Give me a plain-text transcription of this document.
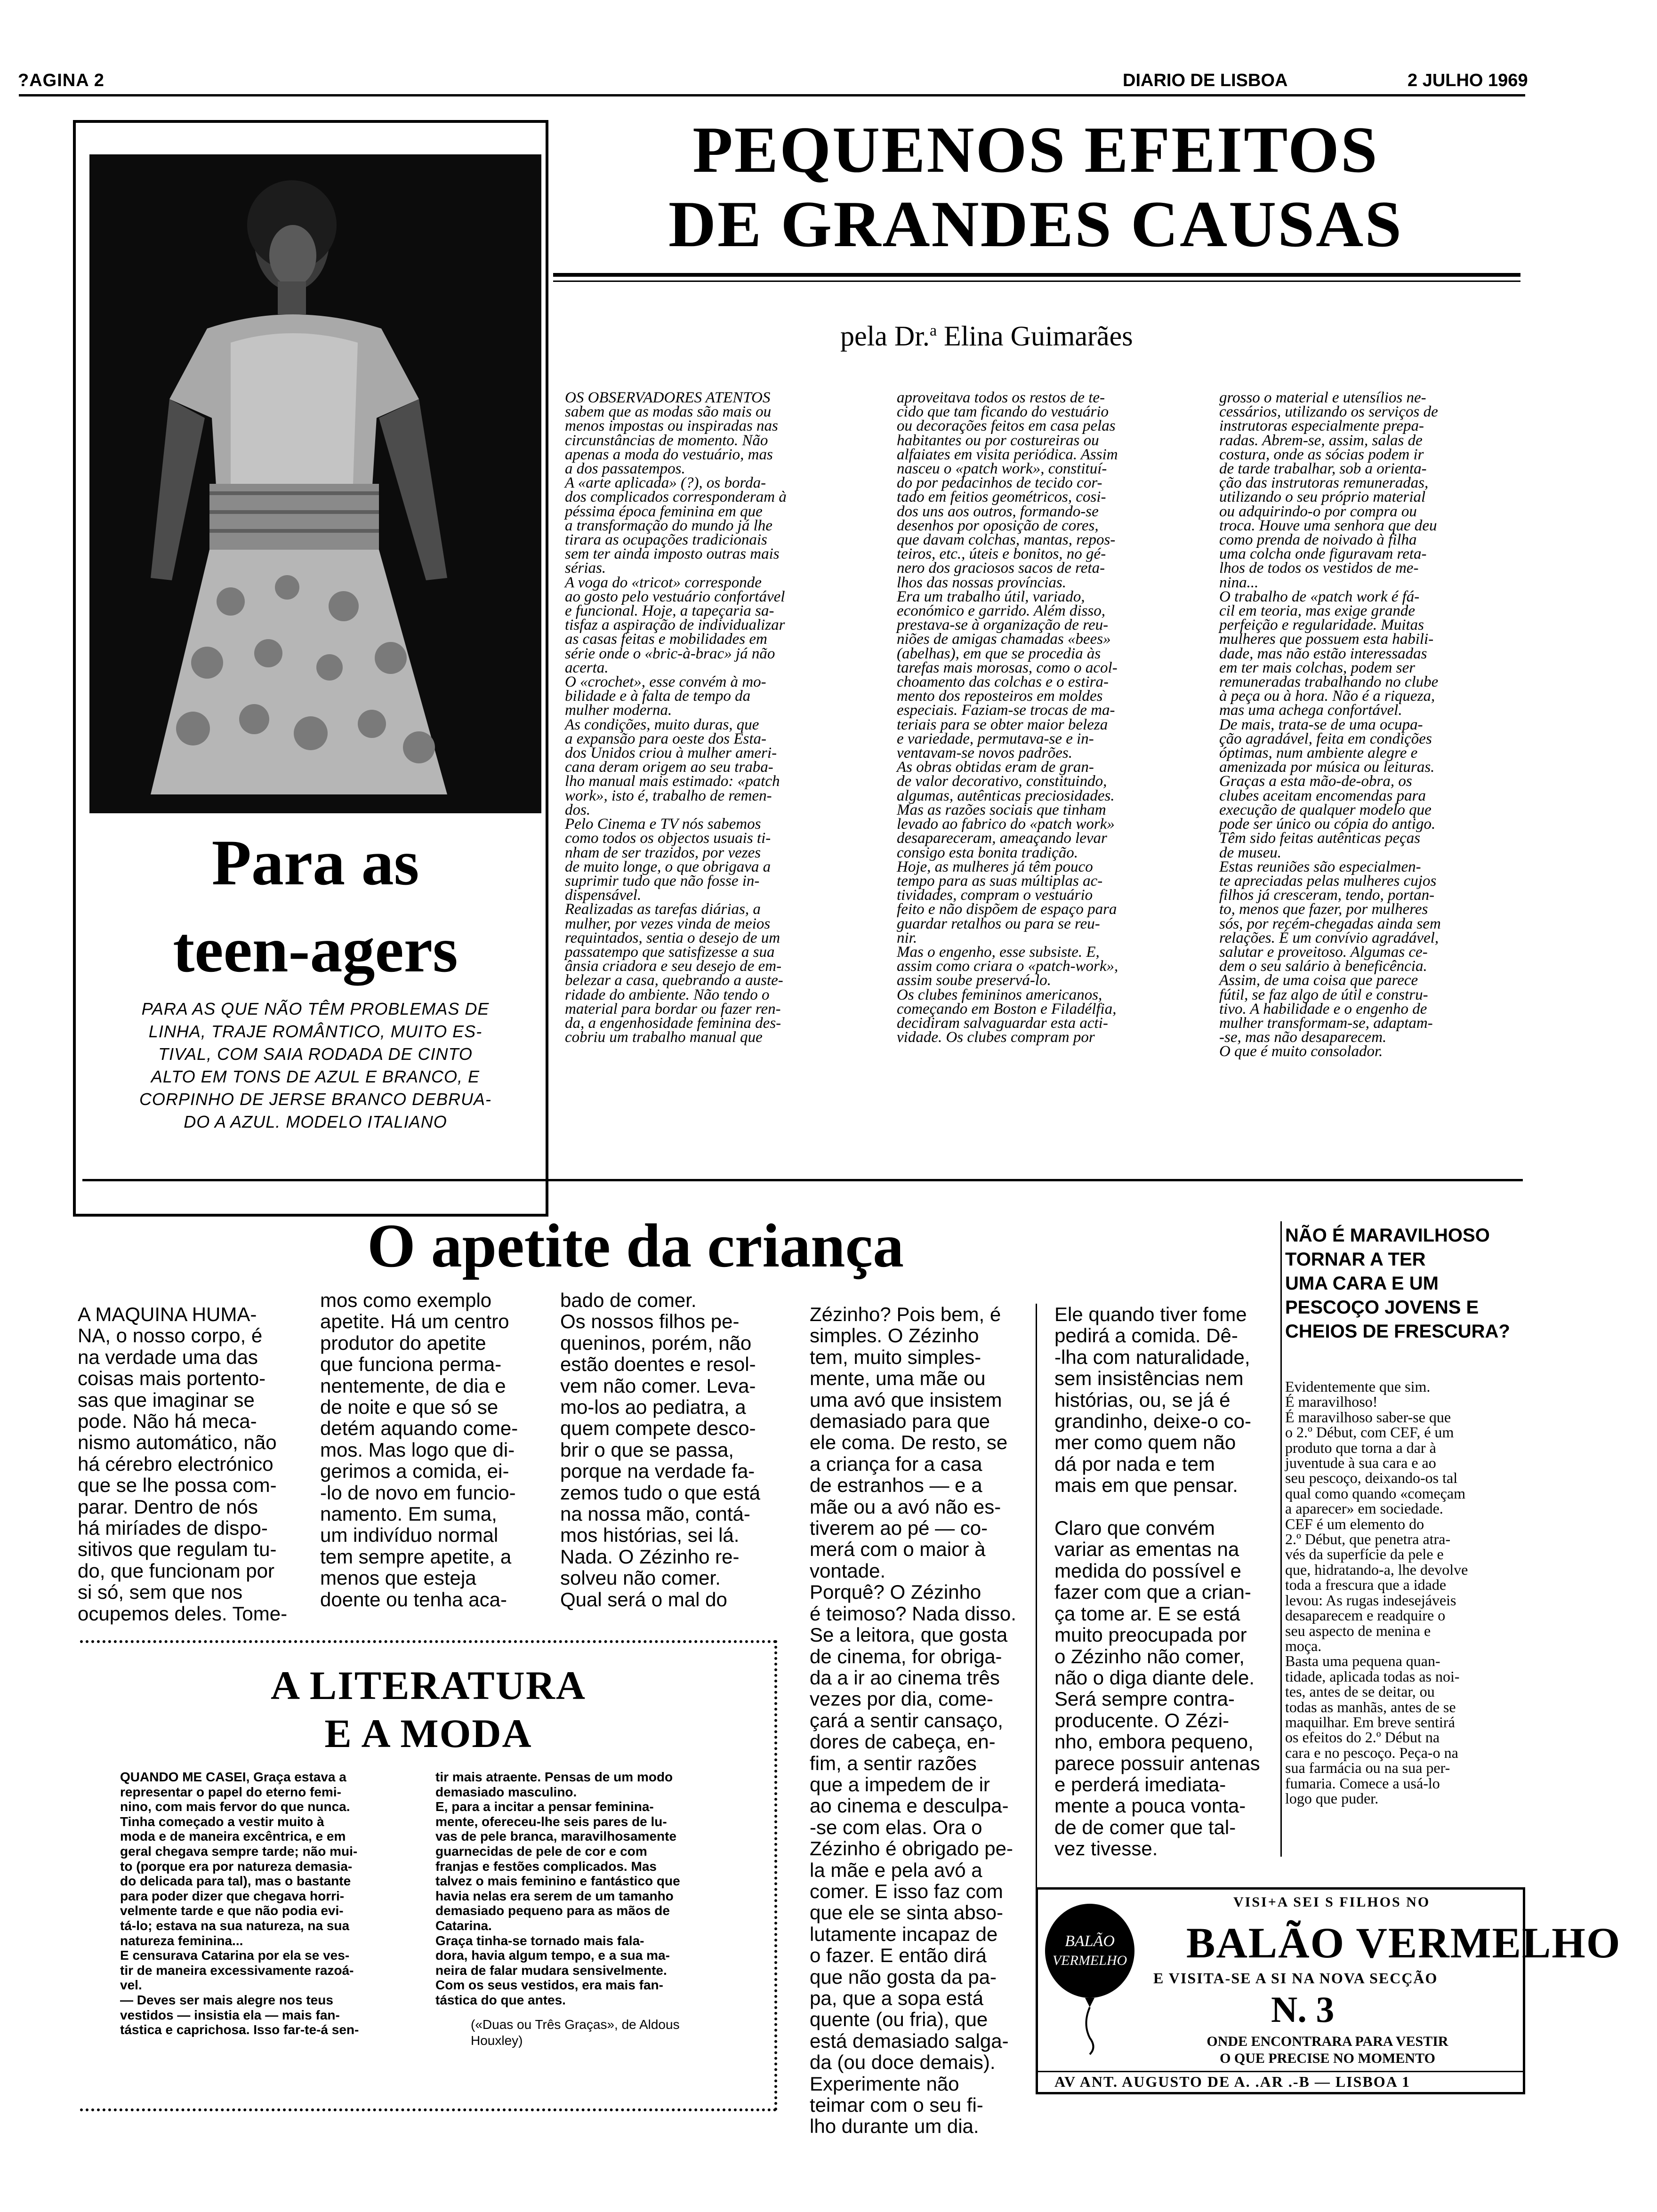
?AGINA 2	DIARIO DE LISBOA	2 JULHO 1969
Para as
teen-agers
PARA AS QUE NÃO TÊM PROBLEMAS DE
LINHA, TRAJE ROMÂNTICO, MUITO ES-
TIVAL, COM SAIA RODADA DE CINTO
ALTO EM TONS DE AZUL E BRANCO, E
CORPINHO DE JERSE BRANCO DEBRUA-
DO A AZUL. MODELO ITALIANO
PEQUENOS EFEITOS
DE GRANDES CAUSAS
pela Dr.$^a$ Elina Guimarães
OS OBSERVADORES ATENTOS
sabem que as modas são mais ou
menos impostas ou inspiradas nas
circunstâncias de momento. Não
apenas a moda do vestuário, mas
a dos passatempos.
A «arte aplicada» (?), os borda-
dos complicados corresponderam à
péssima época feminina em que
a transformação do mundo já lhe
tirara as ocupações tradicionais
sem ter ainda imposto outras mais
sérias.
A voga do «tricot» corresponde
ao gosto pelo vestuário confortável
e funcional. Hoje, a tapeçaria sa-
tisfaz a aspiração de individualizar
as casas feitas e mobilidades em
série onde o «bric-à-brac» já não
acerta.
O «crochet», esse convém à mo-
bilidade e à falta de tempo da
mulher moderna.
As condições, muito duras, que
a expansão para oeste dos Esta-
dos Unidos criou à mulher ameri-
cana deram origem ao seu traba-
lho manual mais estimado: «patch
work», isto é, trabalho de remen-
dos.
Pelo Cinema e TV nós sabemos
como todos os objectos usuais ti-
nham de ser trazidos, por vezes
de muito longe, o que obrigava a
suprimir tudo que não fosse in-
dispensável.
Realizadas as tarefas diárias, a
mulher, por vezes vinda de meios
requintados, sentia o desejo de um
passatempo que satisfizesse a sua
ânsia criadora e seu desejo de em-
belezar a casa, quebrando a auste-
ridade do ambiente. Não tendo o
material para bordar ou fazer ren-
da, a engenhosidade feminina des-
cobriu um trabalho manual que
aproveitava todos os restos de te-
cido que tam ficando do vestuário
ou decorações feitos em casa pelas
habitantes ou por costureiras ou
alfaiates em visita periódica. Assim
nasceu o «patch work», constituí-
do por pedacinhos de tecido cor-
tado em feitios geométricos, cosi-
dos uns aos outros, formando-se
desenhos por oposição de cores,
que davam colchas, mantas, repos-
teiros, etc., úteis e bonitos, no gé-
nero dos graciosos sacos de reta-
lhos das nossas províncias.
Era um trabalho útil, variado,
económico e garrido. Além disso,
prestava-se à organização de reu-
niões de amigas chamadas «bees»
(abelhas), em que se procedia às
tarefas mais morosas, como o acol-
choamento das colchas e o estira-
mento dos reposteiros em moldes
especiais. Faziam-se trocas de ma-
teriais para se obter maior beleza
e variedade, permutava-se e in-
ventavam-se novos padrões.
As obras obtidas eram de gran-
de valor decorativo, constituindo,
algumas, autênticas preciosidades.
Mas as razões sociais que tinham
levado ao fabrico do «patch work»
desapareceram, ameaçando levar
consigo esta bonita tradição.
Hoje, as mulheres já têm pouco
tempo para as suas múltiplas ac-
tividades, compram o vestuário
feito e não dispõem de espaço para
guardar retalhos ou para se reu-
nir.
Mas o engenho, esse subsiste. E,
assim como criara o «patch-work»,
assim soube preservá-lo.
Os clubes femininos americanos,
começando em Boston e Filadélfia,
decidiram salvaguardar esta acti-
vidade. Os clubes compram por
grosso o material e utensílios ne-
cessários, utilizando os serviços de
instrutoras especialmente prepa-
radas. Abrem-se, assim, salas de
costura, onde as sócias podem ir
de tarde trabalhar, sob a orienta-
ção das instrutoras remuneradas,
utilizando o seu próprio material
ou adquirindo-o por compra ou
troca. Houve uma senhora que deu
como prenda de noivado à filha
uma colcha onde figuravam reta-
lhos de todos os vestidos de me-
nina...
O trabalho de «patch work é fá-
cil em teoria, mas exige grande
perfeição e regularidade. Muitas
mulheres que possuem esta habili-
dade, mas não estão interessadas
em ter mais colchas, podem ser
remuneradas trabalhando no clube
à peça ou à hora. Não é a riqueza,
mas uma achega confortável.
De mais, trata-se de uma ocupa-
ção agradável, feita em condições
óptimas, num ambiente alegre e
amenizada por música ou leituras.
Graças a esta mão-de-obra, os
clubes aceitam encomendas para
execução de qualquer modelo que
pode ser único ou cópia do antigo.
Têm sido feitas autênticas peças
de museu.
Estas reuniões são especialmen-
te apreciadas pelas mulheres cujos
filhos já cresceram, tendo, portan-
to, menos que fazer, por mulheres
sós, por recém-chegadas ainda sem
relações. É um convívio agradável,
salutar e proveitoso. Algumas ce-
dem o seu salário à beneficência.
Assim, de uma coisa que parece
fútil, se faz algo de útil e constru-
tivo. A habilidade e o engenho de
mulher transformam-se, adaptam-
-se, mas não desaparecem.
O que é muito consolador.
O apetite da criança
A MAQUINA HUMA-
NA, o nosso corpo, é
na verdade uma das
coisas mais portento-
sas que imaginar se
pode. Não há meca-
nismo automático, não
há cérebro electrónico
que se lhe possa com-
parar. Dentro de nós
há miríades de dispo-
sitivos que regulam tu-
do, que funcionam por
si só, sem que nos
ocupemos deles. Tome-
mos como exemplo
apetite. Há um centro
produtor do apetite
que funciona perma-
nentemente, de dia e
de noite e que só se
detém aquando come-
mos. Mas logo que di-
gerimos a comida, ei-
-lo de novo em funcio-
namento. Em suma,
um indivíduo normal
tem sempre apetite, a
menos que esteja
doente ou tenha aca-
bado de comer.
Os nossos filhos pe-
queninos, porém, não
estão doentes e resol-
vem não comer. Leva-
mo-los ao pediatra, a
quem compete desco-
brir o que se passa,
porque na verdade fa-
zemos tudo o que está
na nossa mão, contá-
mos histórias, sei lá.
Nada. O Zézinho re-
solveu não comer.
Qual será o mal do
Zézinho? Pois bem, é
simples. O Zézinho
tem, muito simples-
mente, uma mãe ou
uma avó que insistem
demasiado para que
ele coma. De resto, se
a criança for a casa
de estranhos — e a
mãe ou a avó não es-
tiverem ao pé — co-
merá com o maior à
vontade.
Porquê? O Zézinho
é teimoso? Nada disso.
Se a leitora, que gosta
de cinema, for obriga-
da a ir ao cinema três
vezes por dia, come-
çará a sentir cansaço,
dores de cabeça, en-
fim, a sentir razões
que a impedem de ir
ao cinema e desculpa-
-se com elas. Ora o
Zézinho é obrigado pe-
la mãe e pela avó a
comer. E isso faz com
que ele se sinta abso-
lutamente incapaz de
o fazer. E então dirá
que não gosta da pa-
pa, que a sopa está
quente (ou fria), que
está demasiado salga-
da (ou doce demais).
Experimente não
teimar com o seu fi-
lho durante um dia.
Ele quando tiver fome
pedirá a comida. Dê-
-lha com naturalidade,
sem insistências nem
histórias, ou, se já é
grandinho, deixe-o co-
mer como quem não
dá por nada e tem
mais em que pensar.

Claro que convém
variar as ementas na
medida do possível e
fazer com que a crian-
ça tome ar. E se está
muito preocupada por
o Zézinho não comer,
não o diga diante dele.
Será sempre contra-
producente. O Zézi-
nho, embora pequeno,
parece possuir antenas
e perderá imediata-
mente a pouca vonta-
de de comer que tal-
vez tivesse.
A LITERATURA
E A MODA
QUANDO ME CASEI, Graça estava a
representar o papel do eterno femi-
nino, com mais fervor do que nunca.
Tinha começado a vestir muito à
moda e de maneira excêntrica, e em
geral chegava sempre tarde; não mui-
to (porque era por natureza demasia-
do delicada para tal), mas o bastante
para poder dizer que chegava horri-
velmente tarde e que não podia evi-
tá-lo; estava na sua natureza, na sua
natureza feminina...
E censurava Catarina por ela se ves-
tir de maneira excessivamente razoá-
vel.
— Deves ser mais alegre nos teus
vestidos — insistia ela — mais fan-
tástica e caprichosa. Isso far-te-á sen-
tir mais atraente. Pensas de um modo
demasiado masculino.
E, para a incitar a pensar feminina-
mente, ofereceu-lhe seis pares de lu-
vas de pele branca, maravilhosamente
guarnecidas de pele de cor e com
franjas e festões complicados. Mas
talvez o mais feminino e fantástico que
havia nelas era serem de um tamanho
demasiado pequeno para as mãos de
Catarina.
Graça tinha-se tornado mais fala-
dora, havia algum tempo, e a sua ma-
neira de falar mudara sensivelmente.
Com os seus vestidos, era mais fan-
tástica do que antes.
(«Duas ou Três Graças», de Aldous
Houxley)
NÃO É MARAVILHOSO
TORNAR A TER
UMA CARA E UM
PESCOÇO JOVENS E
CHEIOS DE FRESCURA?
Evidentemente que sim.
É maravilhoso!
É maravilhoso saber-se que
o 2.º Début, com CEF, é um
produto que torna a dar à
juventude à sua cara e ao
seu pescoço, deixando-os tal
qual como quando «começam
a aparecer» em sociedade.
CEF é um elemento do
2.º Début, que penetra atra-
vés da superfície da pele e
que, hidratando-a, lhe devolve
toda a frescura que a idade
levou: As rugas indesejáveis
desaparecem e readquire o
seu aspecto de menina e
moça.
Basta uma pequena quan-
tidade, aplicada todas as noi-
tes, antes de se deitar, ou
todas as manhãs, antes de se
maquilhar. Em breve sentirá
os efeitos do 2.º Début na
cara e no pescoço. Peça-o na
sua farmácia ou na sua per-
fumaria. Comece a usá-lo
logo que puder.
VISI+A SEI S FILHOS NO
BALÃO
VERMELHO BALÃO VERMELHO
E VISITA-SE A SI NA NOVA SECÇÃO
N. 3
ONDE ENCONTRARA PARA VESTIR
O QUE PRECISE NO MOMENTO
AV ANT. AUGUSTO DE A. .AR .-B — LISBOA 1
